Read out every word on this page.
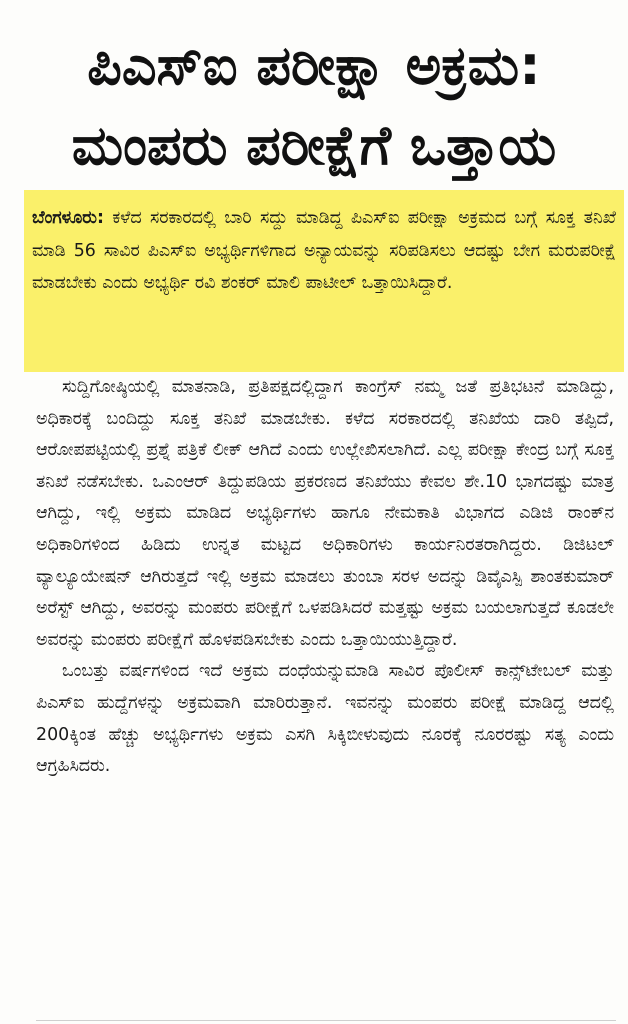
ಪಿಎಸ್ಐ ಪರೀಕ್ಷಾ ಅಕ್ರಮ:
ಮಂಪರು ಪರೀಕ್ಷೆಗೆ ಒತ್ತಾಯ
ಬೆಂಗಳೂರು: ಕಳೆದ ಸರಕಾರದಲ್ಲಿ ಬಾರಿ ಸದ್ದು ಮಾಡಿದ್ದ ಪಿಎಸ್ಐ ಪರೀಕ್ಷಾ ಅಕ್ರಮದ ಬಗ್ಗೆ ಸೂಕ್ತ ತನಿಖೆ ಮಾಡಿ 56 ಸಾವಿರ ಪಿಎಸ್ಐ ಅಭ್ಯರ್ಥಿಗಳಿಗಾದ ಅನ್ಯಾಯವನ್ನು ಸರಿಪಡಿಸಲು ಆದಷ್ಟು ಬೇಗ ಮರುಪರೀಕ್ಷೆ ಮಾಡಬೇಕು ಎಂದು ಅಭ್ಯರ್ಥಿ ರವಿ ಶಂಕರ್ ಮಾಲಿ ಪಾಟೀಲ್ ಒತ್ತಾಯಿಸಿದ್ದಾರೆ.

ಸುದ್ದಿಗೋಷ್ಠಿಯಲ್ಲಿ ಮಾತನಾಡಿ, ಪ್ರತಿಪಕ್ಷದಲ್ಲಿದ್ದಾಗ ಕಾಂಗ್ರೆಸ್ ನಮ್ಮ ಜತೆ ಪ್ರತಿಭಟನೆ ಮಾಡಿದ್ದು, ಅಧಿಕಾರಕ್ಕೆ ಬಂದಿದ್ದು ಸೂಕ್ತ ತನಿಖೆ ಮಾಡಬೇಕು. ಕಳೆದ ಸರಕಾರದಲ್ಲಿ ತನಿಖೆಯ ದಾರಿ ತಪ್ಪಿದೆ, ಆರೋಪಪಟ್ಟಿಯಲ್ಲಿ ಪ್ರಶ್ನೆ ಪತ್ರಿಕೆ ಲೀಕ್ ಆಗಿದೆ ಎಂದು ಉಲ್ಲೇಖಿಸಲಾಗಿದೆ. ಎಲ್ಲ ಪರೀಕ್ಷಾ ಕೇಂದ್ರ ಬಗ್ಗೆ ಸೂಕ್ತ ತನಿಖೆ ನಡೆಸಬೇಕು. ಒಎಂಆರ್ ತಿದ್ದುಪಡಿಯ ಪ್ರಕರಣದ ತನಿಖೆಯು ಕೇವಲ ಶೇ.10 ಭಾಗದಷ್ಟು ಮಾತ್ರ ಆಗಿದ್ದು, ಇಲ್ಲಿ ಅಕ್ರಮ ಮಾಡಿದ ಅಭ್ಯರ್ಥಿಗಳು ಹಾಗೂ ನೇಮಕಾತಿ ವಿಭಾಗದ ಎಡಿಜಿ ರಾಂಕ್‌ನ ಅಧಿಕಾರಿಗಳಿಂದ ಹಿಡಿದು ಉನ್ನತ ಮಟ್ಟದ ಅಧಿಕಾರಿಗಳು ಕಾರ್ಯನಿರತರಾಗಿದ್ದರು. ಡಿಜಿಟಲ್ ವ್ಯಾಲ್ಯೂಯೇಷನ್ ಆಗಿರುತ್ತದೆ ಇಲ್ಲಿ ಅಕ್ರಮ ಮಾಡಲು ತುಂಬಾ ಸರಳ ಅದನ್ನು ಡಿವೈಎಸ್ಪಿ ಶಾಂತಕುಮಾರ್ ಅರೆಸ್ಟ್ ಆಗಿದ್ದು, ಅವರನ್ನು ಮಂಪರು ಪರೀಕ್ಷೆಗೆ ಒಳಪಡಿಸಿದರೆ ಮತ್ತಷ್ಟು ಅಕ್ರಮ ಬಯಲಾಗುತ್ತದೆ ಕೂಡಲೇ ಅವರನ್ನು ಮಂಪರು ಪರೀಕ್ಷೆಗೆ ಹೊಳಪಡಿಸಬೇಕು ಎಂದು ಒತ್ತಾಯಿಯುತ್ತಿದ್ದಾರೆ.

ಒಂಬತ್ತು ವರ್ಷಗಳಿಂದ ಇದೆ ಅಕ್ರಮ ದಂಧೆಯನ್ನುಮಾಡಿ ಸಾವಿರ ಪೊಲೀಸ್ ಕಾನ್ಸ್‌ಟೇಬಲ್ ಮತ್ತು ಪಿಎಸ್ಐ ಹುದ್ದೆಗಳನ್ನು ಅಕ್ರಮವಾಗಿ ಮಾರಿರುತ್ತಾನೆ. ಇವನನ್ನು ಮಂಪರು ಪರೀಕ್ಷೆ ಮಾಡಿದ್ದ ಆದಲ್ಲಿ 200ಕ್ಕಿಂತ ಹೆಚ್ಚು ಅಭ್ಯರ್ಥಿಗಳು ಅಕ್ರಮ ಎಸಗಿ ಸಿಕ್ಕಿಬೀಳುವುದು ನೂರಕ್ಕೆ ನೂರರಷ್ಟು ಸತ್ಯ ಎಂದು ಆಗ್ರಹಿಸಿದರು.
